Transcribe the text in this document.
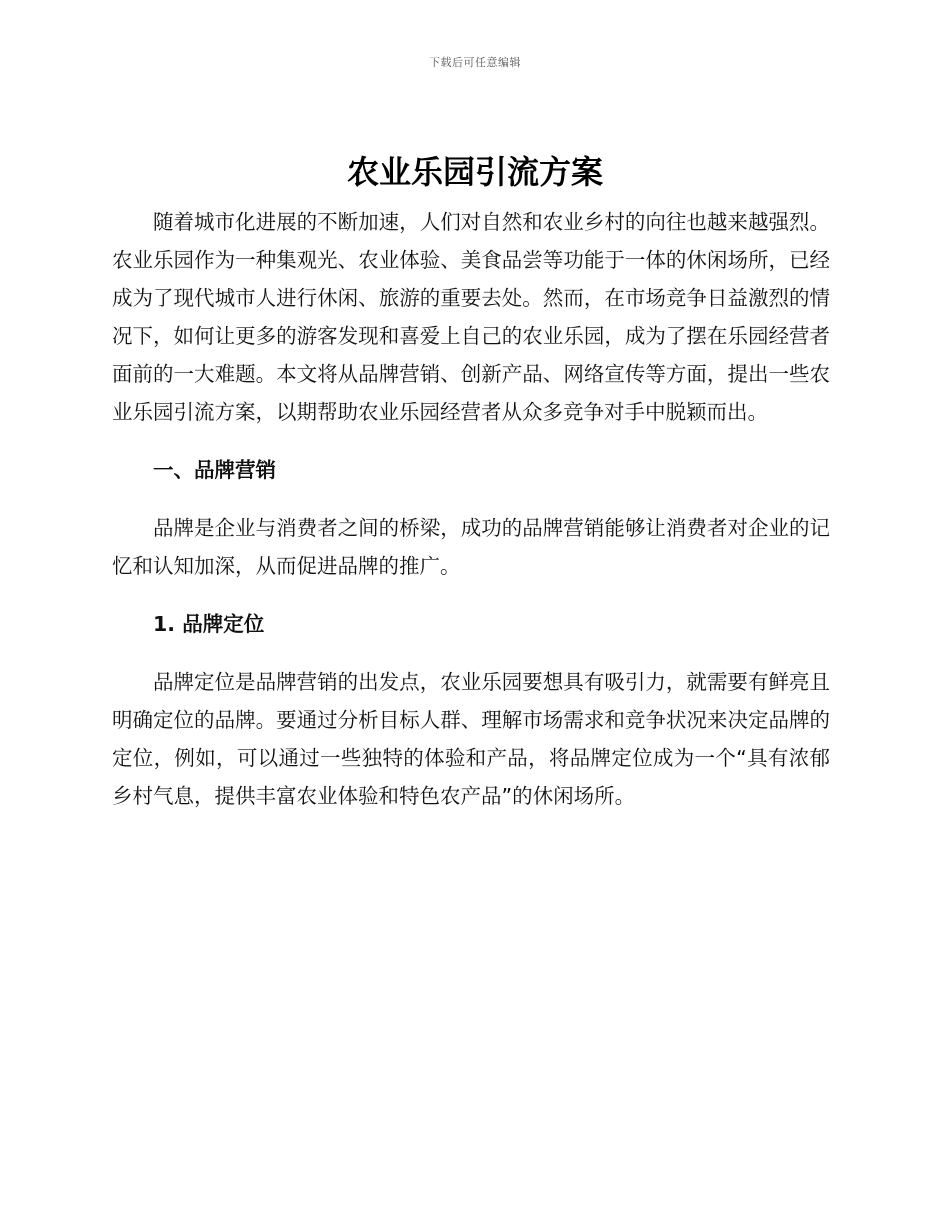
下载后可任意编辑
农业乐园引流方案

随着城市化进展的不断加速，人们对自然和农业乡村的向往也越来越强烈。农业乐园作为一种集观光、农业体验、美食品尝等功能于一体的休闲场所，已经成为了现代城市人进行休闲、旅游的重要去处。然而，在市场竞争日益激烈的情况下，如何让更多的游客发现和喜爱上自己的农业乐园，成为了摆在乐园经营者面前的一大难题。本文将从品牌营销、创新产品、网络宣传等方面，提出一些农业乐园引流方案，以期帮助农业乐园经营者从众多竞争对手中脱颖而出。

一、品牌营销

品牌是企业与消费者之间的桥梁，成功的品牌营销能够让消费者对企业的记忆和认知加深，从而促进品牌的推广。

1. 品牌定位

品牌定位是品牌营销的出发点，农业乐园要想具有吸引力，就需要有鲜亮且明确定位的品牌。要通过分析目标人群、理解市场需求和竞争状况来决定品牌的定位，例如，可以通过一些独特的体验和产品，将品牌定位成为一个“具有浓郁乡村气息，提供丰富农业体验和特色农产品”的休闲场所。
